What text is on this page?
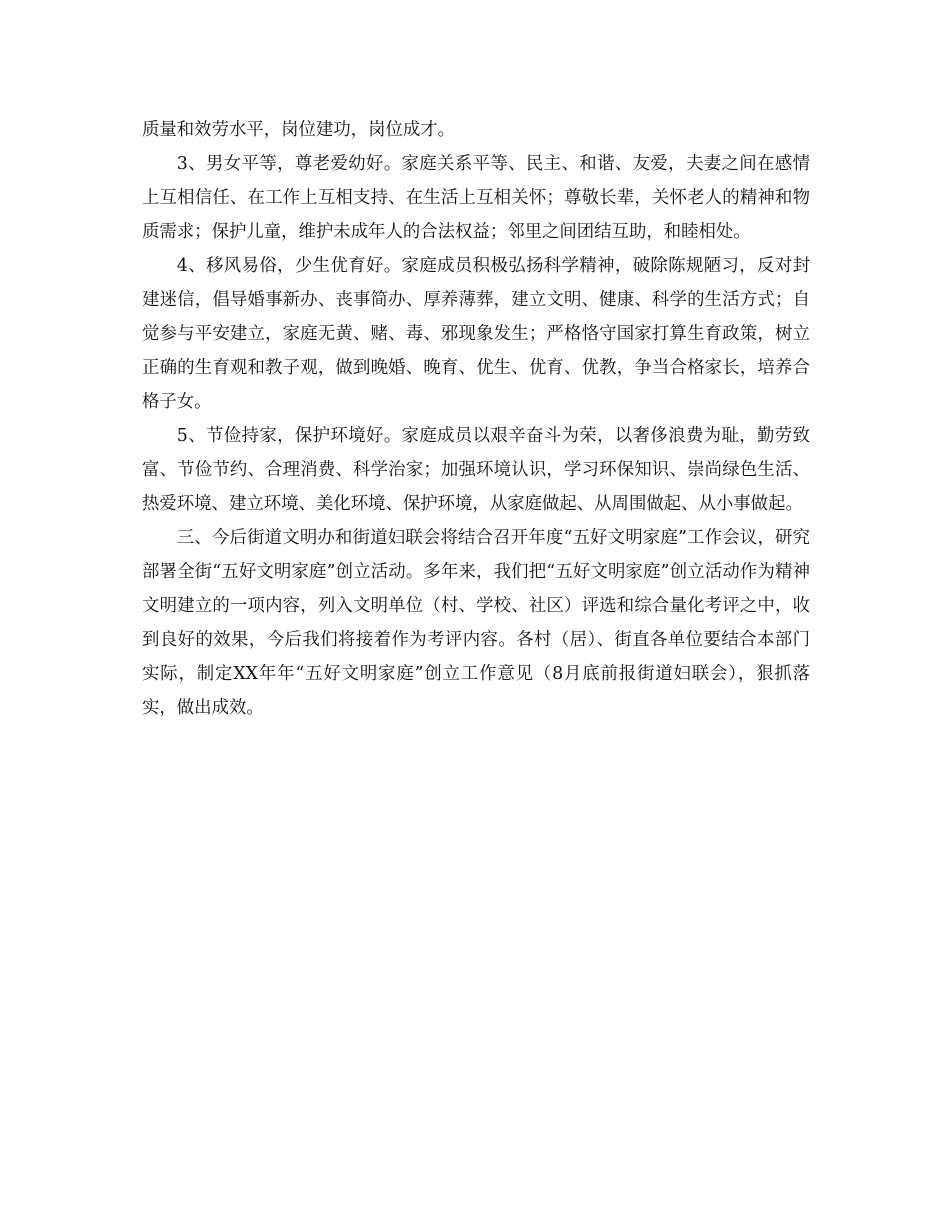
质量和效劳水平，岗位建功，岗位成才。

3、男女平等，尊老爱幼好。家庭关系平等、民主、和谐、友爱，夫妻之间在感情上互相信任、在工作上互相支持、在生活上互相关怀；尊敬长辈，关怀老人的精神和物质需求；保护儿童，维护未成年人的合法权益；邻里之间团结互助，和睦相处。

4、移风易俗，少生优育好。家庭成员积极弘扬科学精神，破除陈规陋习，反对封建迷信，倡导婚事新办、丧事简办、厚养薄葬，建立文明、健康、科学的生活方式；自觉参与平安建立，家庭无黄、赌、毒、邪现象发生；严格恪守国家打算生育政策，树立正确的生育观和教子观，做到晚婚、晚育、优生、优育、优教，争当合格家长，培养合格子女。

5、节俭持家，保护环境好。家庭成员以艰辛奋斗为荣，以奢侈浪费为耻，勤劳致富、节俭节约、合理消费、科学治家；加强环境认识，学习环保知识、崇尚绿色生活、热爱环境、建立环境、美化环境、保护环境，从家庭做起、从周围做起、从小事做起。

三、今后街道文明办和街道妇联会将结合召开年度“五好文明家庭”工作会议，研究部署全街“五好文明家庭”创立活动。多年来，我们把“五好文明家庭”创立活动作为精神文明建立的一项内容，列入文明单位（村、学校、社区）评选和综合量化考评之中，收到良好的效果，今后我们将接着作为考评内容。各村（居）、街直各单位要结合本部门实际，制定XX年年“五好文明家庭”创立工作意见（8月底前报街道妇联会），狠抓落实，做出成效。
